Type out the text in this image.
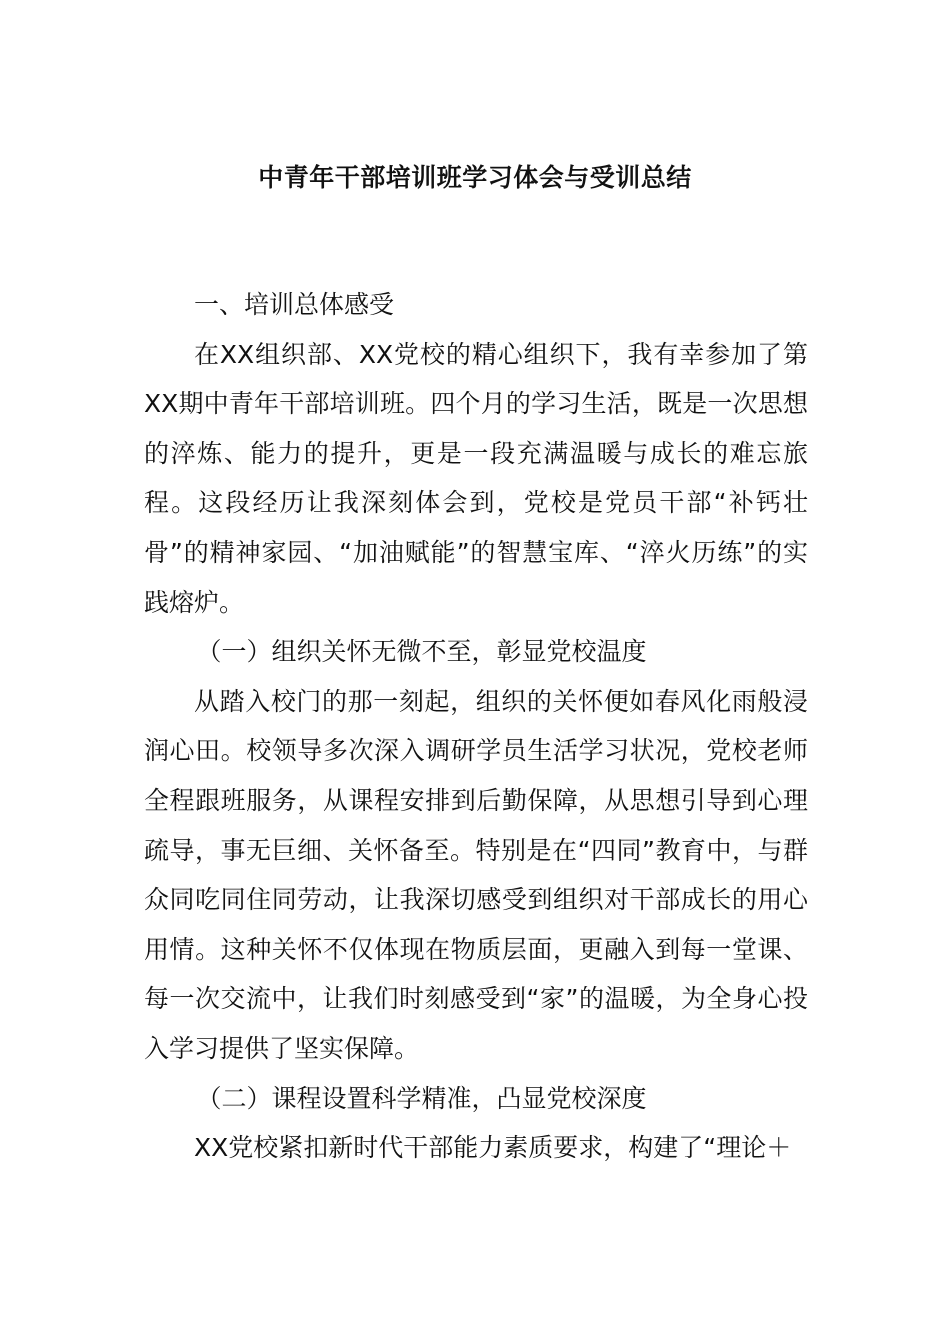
中青年干部培训班学习体会与受训总结

一、培训总体感受

在XX组织部、XX党校的精心组织下，我有幸参加了第XX期中青年干部培训班。四个月的学习生活，既是一次思想的淬炼、能力的提升，更是一段充满温暖与成长的难忘旅程。这段经历让我深刻体会到，党校是党员干部“补钙壮骨”的精神家园、“加油赋能”的智慧宝库、“淬火历练”的实践熔炉。

（一）组织关怀无微不至，彰显党校温度

从踏入校门的那一刻起，组织的关怀便如春风化雨般浸润心田。校领导多次深入调研学员生活学习状况，党校老师全程跟班服务，从课程安排到后勤保障，从思想引导到心理疏导，事无巨细、关怀备至。特别是在“四同”教育中，与群众同吃同住同劳动，让我深切感受到组织对干部成长的用心用情。这种关怀不仅体现在物质层面，更融入到每一堂课、每一次交流中，让我们时刻感受到“家”的温暖，为全身心投入学习提供了坚实保障。

（二）课程设置科学精准，凸显党校深度

XX党校紧扣新时代干部能力素质要求，构建了“理论＋
